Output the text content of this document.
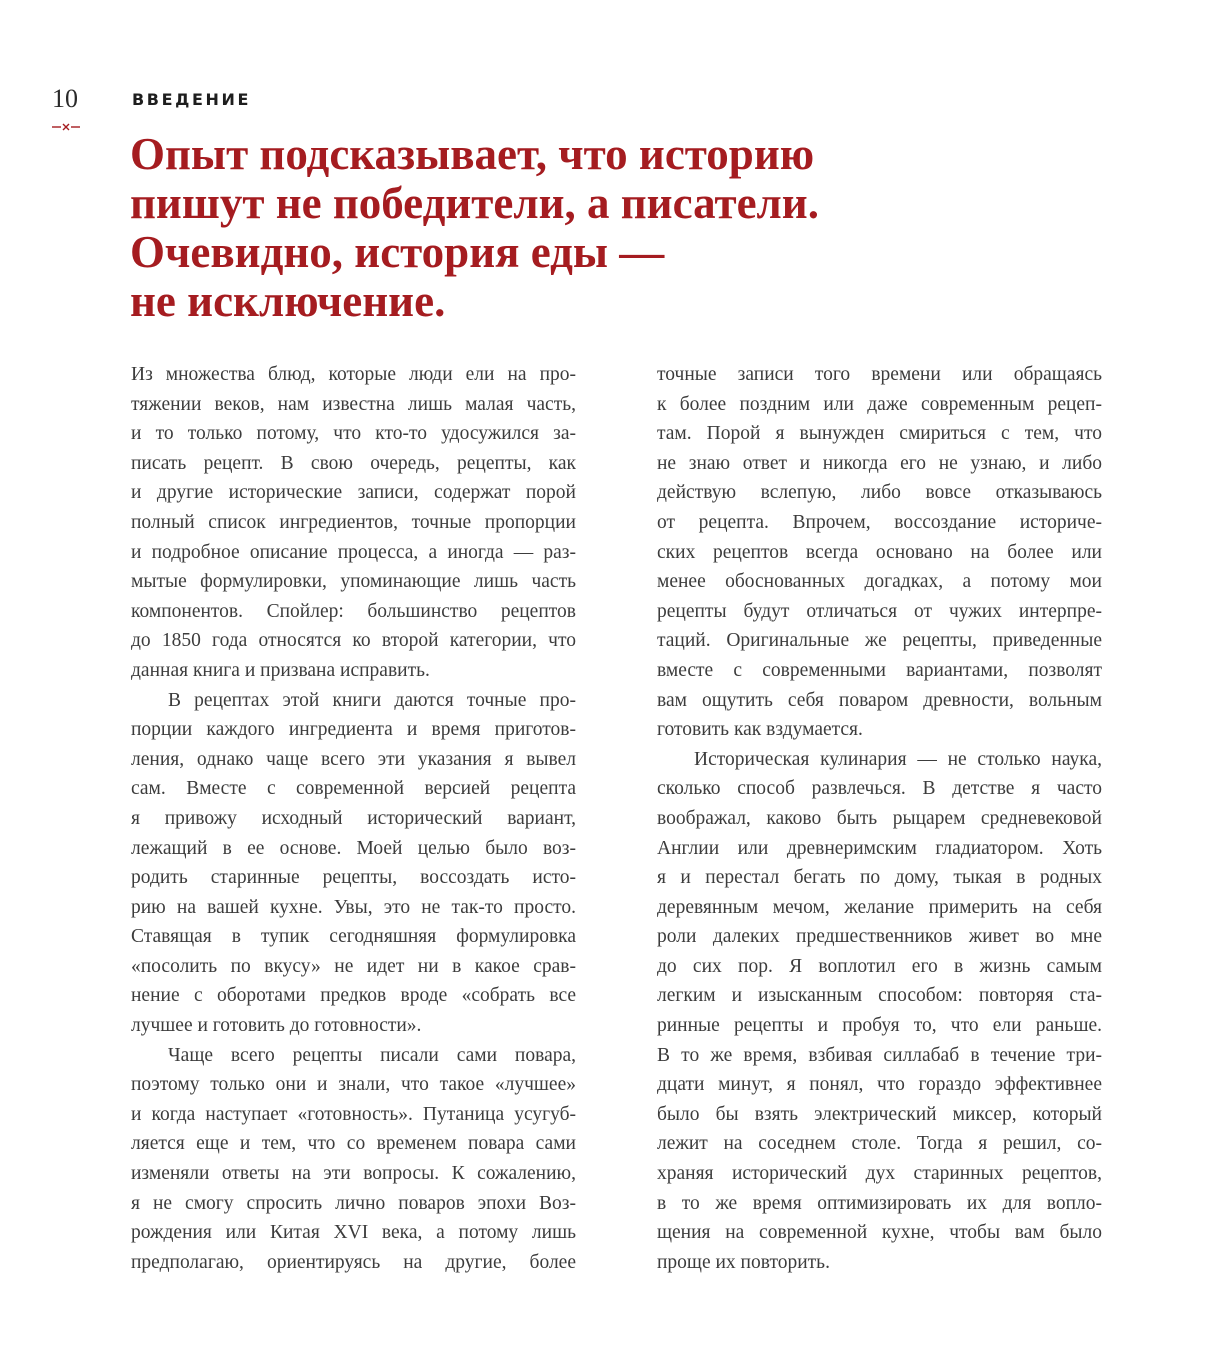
10	ВВЕДЕНИЕ
Опыт подсказывает, что историю
пишут не победители, а писатели.
Очевидно, история еды —
не исключение.
Из множества блюд, которые люди ели на про-
тяжении веков, нам известна лишь малая часть,
и то только потому, что кто-то удосужился за-
писать рецепт. В свою очередь, рецепты, как
и другие исторические записи, содержат порой
полный список ингредиентов, точные пропорции
и подробное описание процесса, а иногда — раз-
мытые формулировки, упоминающие лишь часть
компонентов. Спойлер: большинство рецептов
до 1850 года относятся ко второй категории, что
данная книга и призвана исправить.
В рецептах этой книги даются точные про-
порции каждого ингредиента и время приготов-
ления, однако чаще всего эти указания я вывел
сам. Вместе с современной версией рецепта
я привожу исходный исторический вариант,
лежащий в ее основе. Моей целью было воз-
родить старинные рецепты, воссоздать исто-
рию на вашей кухне. Увы, это не так-то просто.
Ставящая в тупик сегодняшняя формулировка
«посолить по вкусу» не идет ни в какое срав-
нение с оборотами предков вроде «собрать все
лучшее и готовить до готовности».
Чаще всего рецепты писали сами повара,
поэтому только они и знали, что такое «лучшее»
и когда наступает «готовность». Путаница усугуб-
ляется еще и тем, что со временем повара сами
изменяли ответы на эти вопросы. К сожалению,
я не смогу спросить лично поваров эпохи Воз-
рождения или Китая XVI века, а потому лишь
предполагаю, ориентируясь на другие, более
точные записи того времени или обращаясь
к более поздним или даже современным рецеп-
там. Порой я вынужден смириться с тем, что
не знаю ответ и никогда его не узнаю, и либо
действую вслепую, либо вовсе отказываюсь
от рецепта. Впрочем, воссоздание историче-
ских рецептов всегда основано на более или
менее обоснованных догадках, а потому мои
рецепты будут отличаться от чужих интерпре-
таций. Оригинальные же рецепты, приведенные
вместе с современными вариантами, позволят
вам ощутить себя поваром древности, вольным
готовить как вздумается.
Историческая кулинария — не столько наука,
сколько способ развлечься. В детстве я часто
воображал, каково быть рыцарем средневековой
Англии или древнеримским гладиатором. Хоть
я и перестал бегать по дому, тыкая в родных
деревянным мечом, желание примерить на себя
роли далеких предшественников живет во мне
до сих пор. Я воплотил его в жизнь самым
легким и изысканным способом: повторяя ста-
ринные рецепты и пробуя то, что ели раньше.
В то же время, взбивая силлабаб в течение три-
дцати минут, я понял, что гораздо эффективнее
было бы взять электрический миксер, который
лежит на соседнем столе. Тогда я решил, со-
храняя исторический дух старинных рецептов,
в то же время оптимизировать их для вопло-
щения на современной кухне, чтобы вам было
проще их повторить.
